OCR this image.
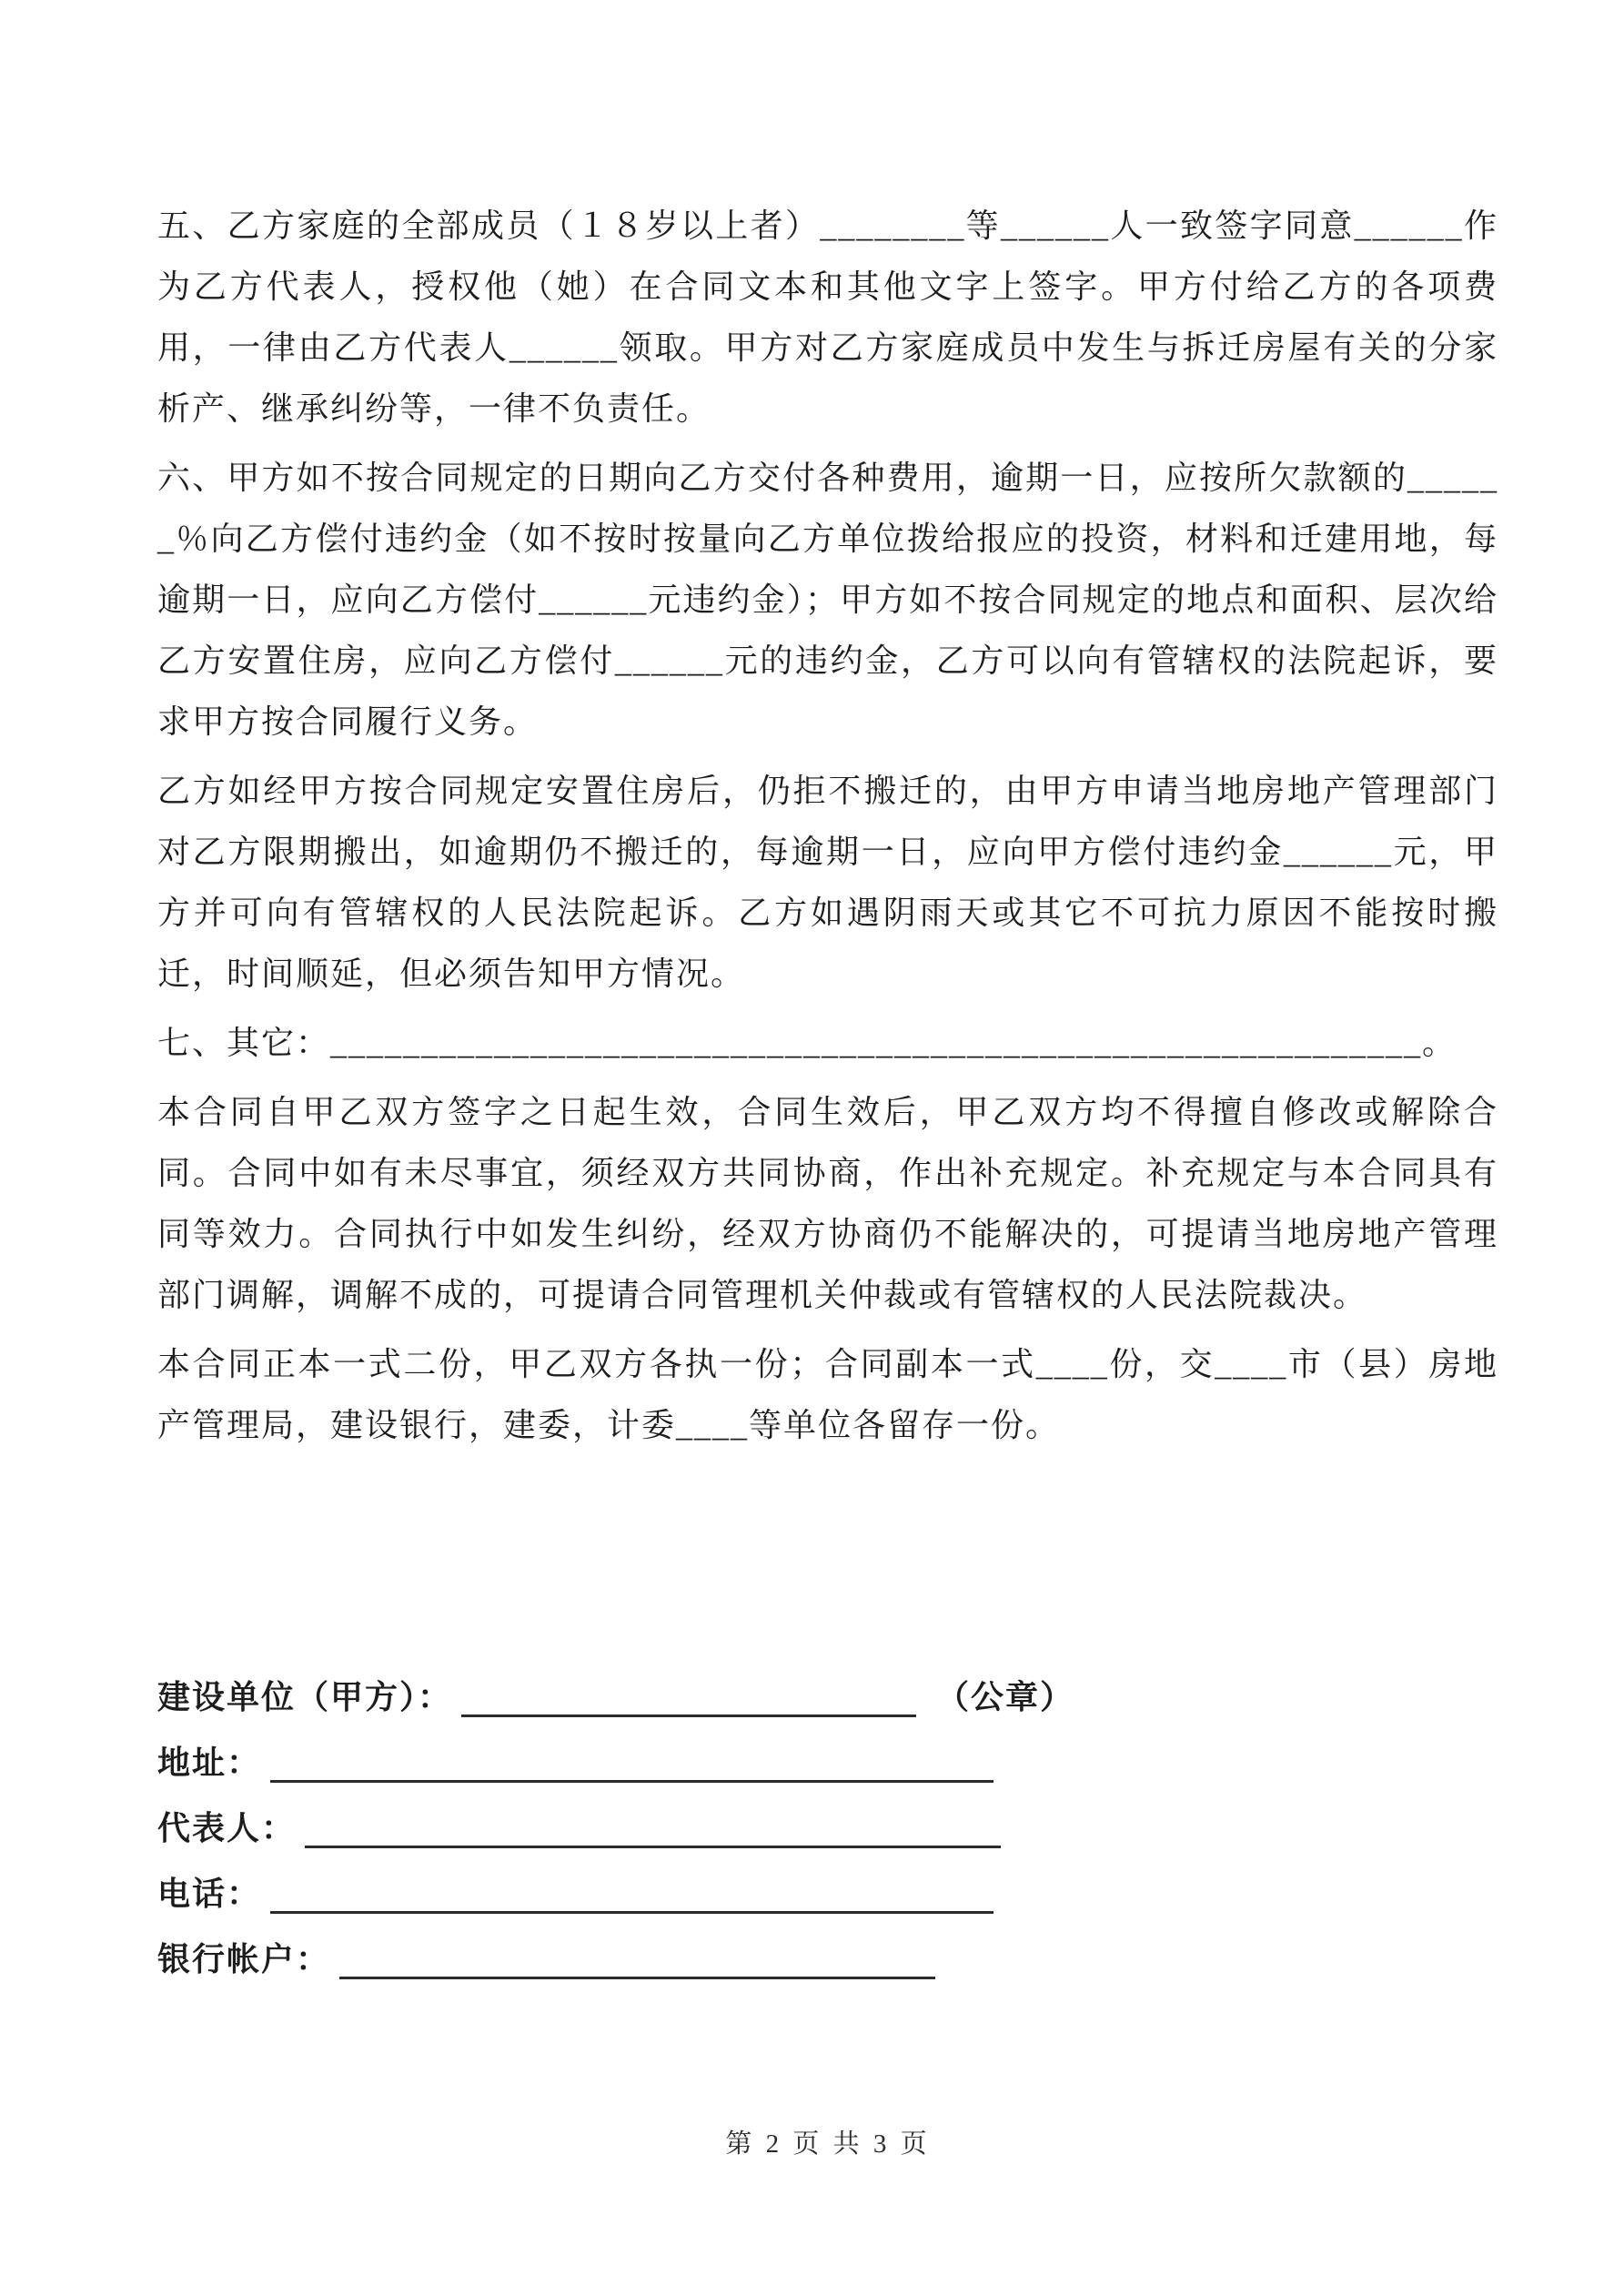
五、乙方家庭的全部成员（１８岁以上者）________等______人一致签字同意______作为乙方代表人，授权他（她）在合同文本和其他文字上签字。甲方付给乙方的各项费用，一律由乙方代表人______领取。甲方对乙方家庭成员中发生与拆迁房屋有关的分家析产、继承纠纷等，一律不负责任。

六、甲方如不按合同规定的日期向乙方交付各种费用，逾期一日，应按所欠款额的______％向乙方偿付违约金（如不按时按量向乙方单位拨给报应的投资，材料和迁建用地，每逾期一日，应向乙方偿付______元违约金）；甲方如不按合同规定的地点和面积、层次给乙方安置住房，应向乙方偿付______元的违约金，乙方可以向有管辖权的法院起诉，要求甲方按合同履行义务。

乙方如经甲方按合同规定安置住房后，仍拒不搬迁的，由甲方申请当地房地产管理部门对乙方限期搬出，如逾期仍不搬迁的，每逾期一日，应向甲方偿付违约金______元，甲方并可向有管辖权的人民法院起诉。乙方如遇阴雨天或其它不可抗力原因不能按时搬迁，时间顺延，但必须告知甲方情况。

七、其它：____________________________________________________________。

本合同自甲乙双方签字之日起生效，合同生效后，甲乙双方均不得擅自修改或解除合同。合同中如有未尽事宜，须经双方共同协商，作出补充规定。补充规定与本合同具有同等效力。合同执行中如发生纠纷，经双方协商仍不能解决的，可提请当地房地产管理部门调解，调解不成的，可提请合同管理机关仲裁或有管辖权的人民法院裁决。

本合同正本一式二份，甲乙双方各执一份；合同副本一式____份，交____市（县）房地产管理局，建设银行，建委，计委____等单位各留存一份。

建设单位（甲方）：	（公章）
地址：
代表人：
电话：
银行帐户：
第 2 页 共 3 页
